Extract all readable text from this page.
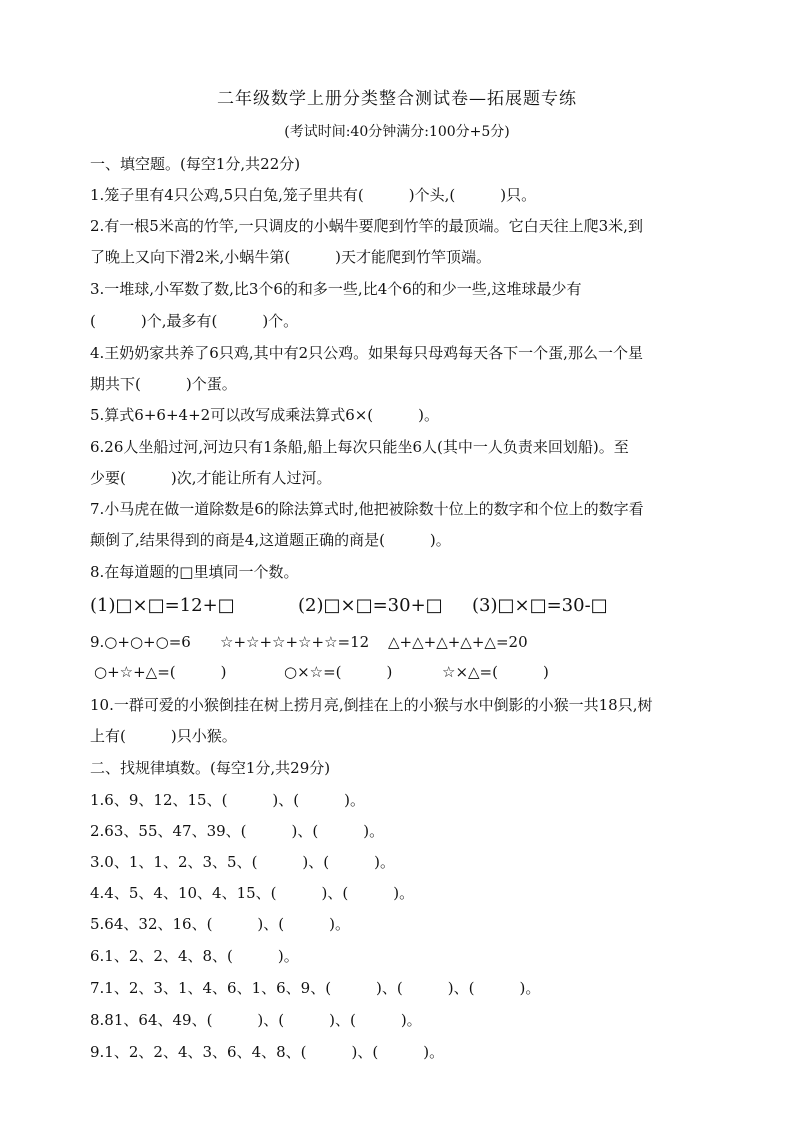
二年级数学上册分类整合测试卷—拓展题专练
(考试时间:40分钟满分:100分+5分)
一、填空题。(每空1分,共22分)
1.笼子里有4只公鸡,5只白兔,笼子里共有(　　　)个头,(　　　)只。
2.有一根5米高的竹竿,一只调皮的小蜗牛要爬到竹竿的最顶端。它白天往上爬3米,到
了晚上又向下滑2米,小蜗牛第(　　　)天才能爬到竹竿顶端。
3.一堆球,小军数了数,比3个6的和多一些,比4个6的和少一些,这堆球最少有
(　　　)个,最多有(　　　)个。
4.王奶奶家共养了6只鸡,其中有2只公鸡。如果每只母鸡每天各下一个蛋,那么一个星
期共下(　　　)个蛋。
5.算式6+6+4+2可以改写成乘法算式6×(　　　)。
6.26人坐船过河,河边只有1条船,船上每次只能坐6人(其中一人负责来回划船)。至
少要(　　　)次,才能让所有人过河。
7.小马虎在做一道除数是6的除法算式时,他把被除数十位上的数字和个位上的数字看
颠倒了,结果得到的商是4,这道题正确的商是(　　　)。
8.在每道题的□里填同一个数。
(1)□×□=12+□	(2)□×□=30+□ (3)□×□=30-□
9.○+○+○=6 ☆+☆+☆+☆+☆=12 △+△+△+△+△=20
○+☆+△=(　　　)	○×☆=(　　　)	☆×△=(　　　)
10.一群可爱的小猴倒挂在树上捞月亮,倒挂在上的小猴与水中倒影的小猴一共18只,树
上有(　　　)只小猴。
二、找规律填数。(每空1分,共29分)
1.6、9、12、15、(　　　)、(　　　)。
2.63、55、47、39、(　　　)、(　　　)。
3.0、1、1、2、3、5、(　　　)、(　　　)。
4.4、5、4、10、4、15、(　　　)、(　　　)。
5.64、32、16、(　　　)、(　　　)。
6.1、2、2、4、8、(　　　)。
7.1、2、3、1、4、6、1、6、9、(　　　)、(　　　)、(　　　)。
8.81、64、49、(　　　)、(　　　)、(　　　)。
9.1、2、2、4、3、6、4、8、(　　　)、(　　　)。
